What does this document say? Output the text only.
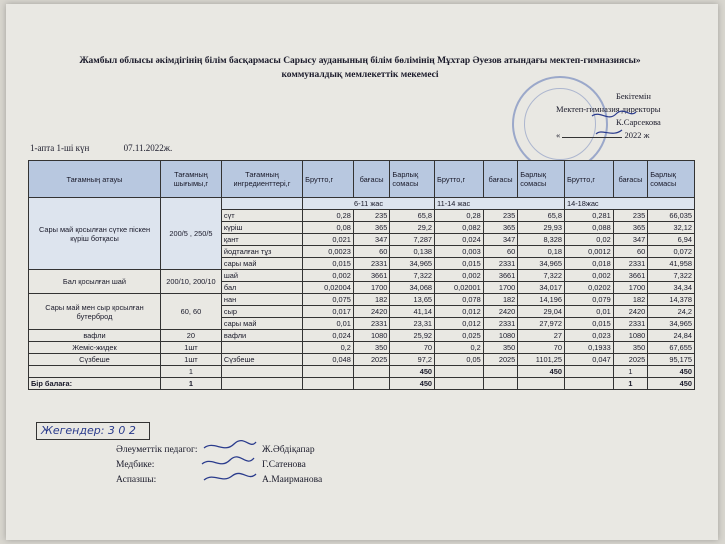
Жамбыл облысы әкімдігінің білім басқармасы Сарысу ауданының білім бөлімінің Мұхтар Әуезов атындағы мектеп-гимназиясы»
коммуналдық мемлекеттік мекемесі
Бекітемін
Мектеп-гимназия директоры
К.Сарсекова
«	2022 ж
1-апта 1-ші күн	07.11.2022ж.
Тағамның атауы	Тағамның шығымы,г	Тағамның ингредиенттері,г	Брутто,г	бағасы	Барлық сомасы	Брутто,г	бағасы	Барлық сомасы	Брутто,г	бағасы	Барлық сомасы
Сары май қосылған сүтке піскен күріш ботқасы	200/5 , 250/5		6-11 жас			11-14 жас			14-18жас		
		сүт	0,28	235	65,8	0,28	235	65,8	0,281	235	66,035
		күріш	0,08	365	29,2	0,082	365	29,93	0,088	365	32,12
		қант	0,021	347	7,287	0,024	347	8,328	0,02	347	6,94
		йодталған тұз	0,0023	60	0,138	0,003	60	0,18	0,0012	60	0,072
		сары май	0,015	2331	34,965	0,015	2331	34,965	0,018	2331	41,958
Бал қосылған шай	200/10, 200/10	шай	0,002	3661	7,322	0,002	3661	7,322	0,002	3661	7,322
		бал	0,02004	1700	34,068	0,02001	1700	34,017	0,0202	1700	34,34
Сары май мен сыр қосылған бутерброд	60, 60	нан	0,075	182	13,65	0,078	182	14,196	0,079	182	14,378
		сыр	0,017	2420	41,14	0,012	2420	29,04	0,01	2420	24,2
		сары май	0,01	2331	23,31	0,012	2331	27,972	0,015	2331	34,965
вафли	20	вафли	0,024	1080	25,92	0,025	1080	27	0,023	1080	24,84
Жеміс-жидек	1шт		0,2	350	70	0,2	350	70	0,1933	350	67,655
Сүзбеше	1шт	Сүзбеше	0,048	2025	97,2	0,05	2025	1101,25	0,047	2025	95,175
	1				450			450		1	450
Бір балаға:	1				450					1	450
Жегендер: 3 0 2
Әлеуметтік педагог:
Медбике:
Аспазшы:
Ж.Әбдіқапар
Г.Сатенова
А.Маирманова
